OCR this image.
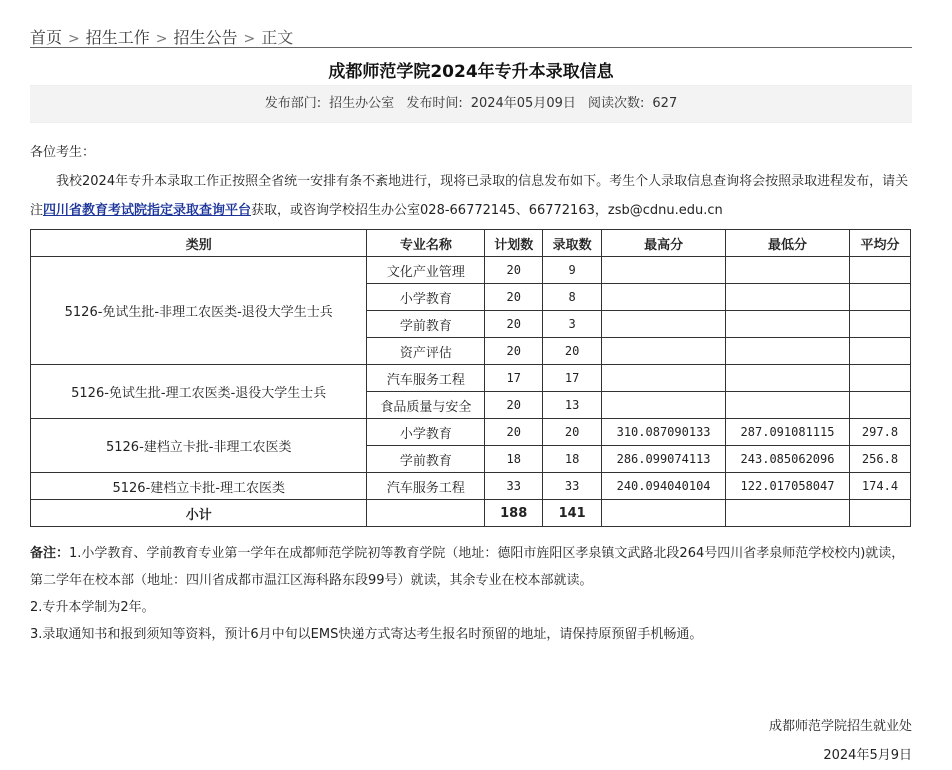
首页 > 招生工作 > 招生公告 > 正文
成都师范学院2024年专升本录取信息
发布部门: 招生办公室 发布时间: 2024年05月09日 阅读次数: 627

各位考生：

我校2024年专升本录取工作正按照全省统一安排有条不紊地进行，现将已录取的信息发布如下。考生个人录取信息查询将会按照录取进程发布，请关注四川省教育考试院指定录取查询平台获取，或咨询学校招生办公室028-66772145、66772163，zsb@cdnu.edu.cn

类别	专业名称	计划数	录取数	最高分	最低分	平均分
5126-免试生批-非理工农医类-退役大学生士兵	文化产业管理	20	9			
	小学教育	20	8			
	学前教育	20	3			
	资产评估	20	20			
5126-免试生批-理工农医类-退役大学生士兵	汽车服务工程	17	17			
	食品质量与安全	20	13			
5126-建档立卡批-非理工农医类	小学教育	20	20	310.087090133	287.091081115	297.8
	学前教育	18	18	286.099074113	243.085062096	256.8
5126-建档立卡批-理工农医类	汽车服务工程	33	33	240.094040104	122.017058047	174.4
小计		188	141			

备注：1.小学教育、学前教育专业第一学年在成都师范学院初等教育学院（地址：德阳市旌阳区孝泉镇文武路北段264号四川省孝泉师范学校校内)就读，第二学年在校本部（地址：四川省成都市温江区海科路东段99号）就读，其余专业在校本部就读。

2.专升本学制为2年。

3.录取通知书和报到须知等资料，预计6月中旬以EMS快递方式寄达考生报名时预留的地址，请保持原预留手机畅通。

成都师范学院招生就业处
2024年5月9日
